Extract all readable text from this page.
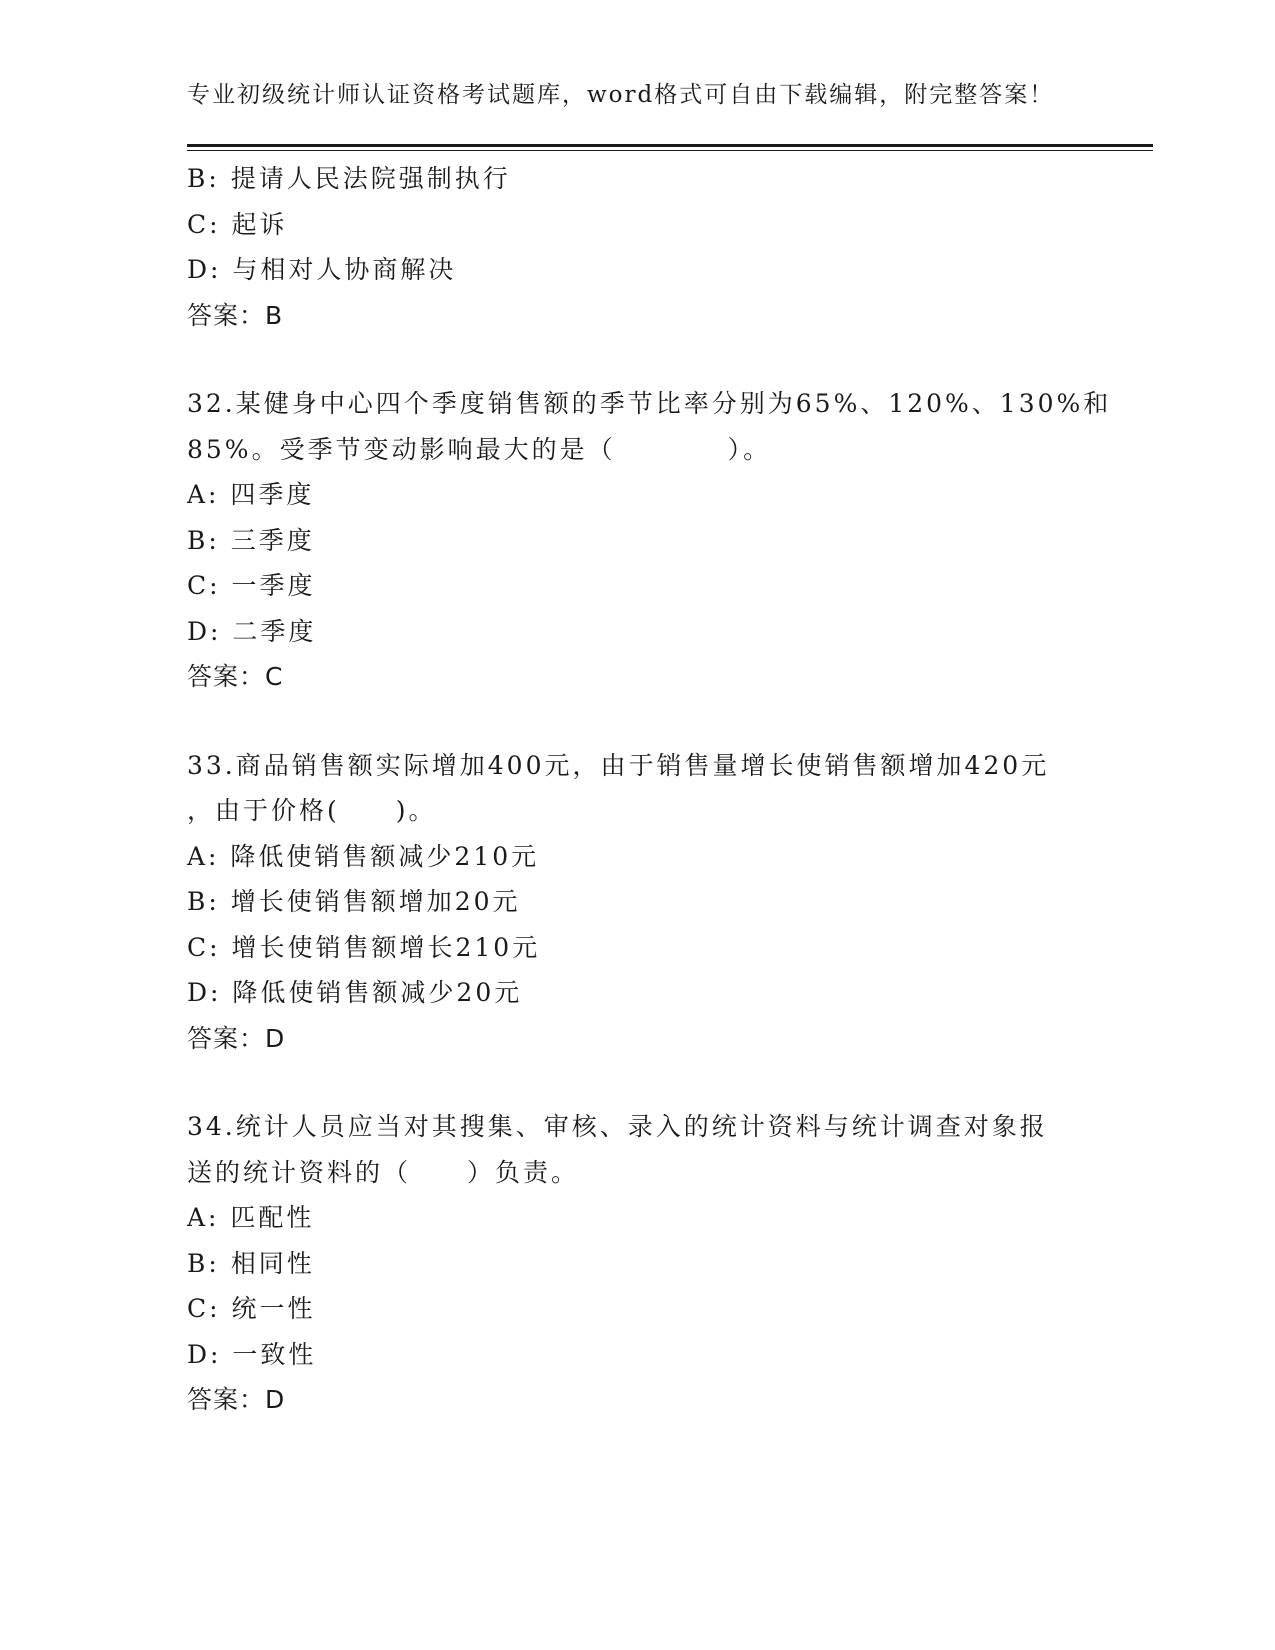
专业初级统计师认证资格考试题库，word格式可自由下载编辑，附完整答案！
B: 提请人民法院强制执行
C: 起诉
D: 与相对人协商解决
答案：B
32.某健身中心四个季度销售额的季节比率分别为65%、120%、130%和
85%。受季节变动影响最大的是（　　　　）。
A: 四季度
B: 三季度
C: 一季度
D: 二季度
答案：C
33.商品销售额实际增加400元，由于销售量增长使销售额增加420元
，由于价格(　　)。
A: 降低使销售额减少210元
B: 增长使销售额增加20元
C: 增长使销售额增长210元
D: 降低使销售额减少20元
答案：D
34.统计人员应当对其搜集、审核、录入的统计资料与统计调查对象报
送的统计资料的（　　）负责。
A: 匹配性
B: 相同性
C: 统一性
D: 一致性
答案：D
